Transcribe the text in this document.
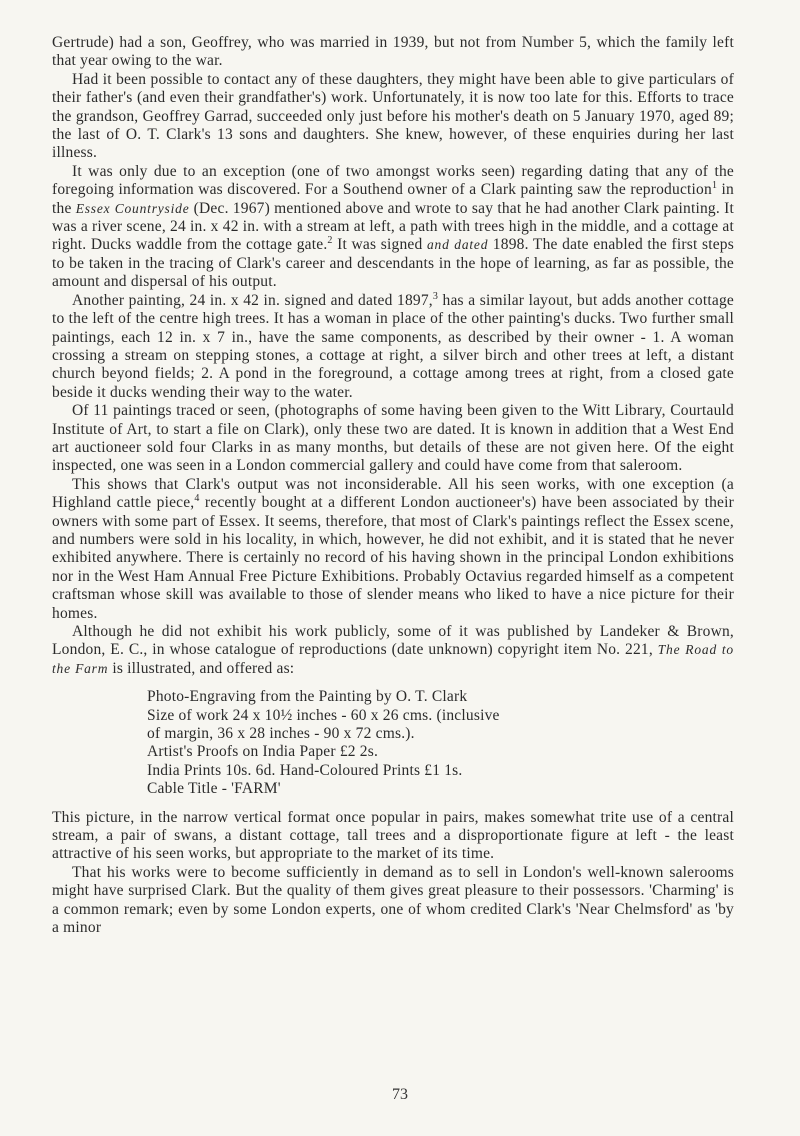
Gertrude) had a son, Geoffrey, who was married in 1939, but not from Number 5, which the family left that year owing to the war.

Had it been possible to contact any of these daughters, they might have been able to give particulars of their father's (and even their grandfather's) work. Unfortunately, it is now too late for this. Efforts to trace the grandson, Geoffrey Garrad, succeeded only just before his mother's death on 5 January 1970, aged 89; the last of O. T. Clark's 13 sons and daughters. She knew, however, of these enquiries during her last illness.

It was only due to an exception (one of two amongst works seen) regarding dating that any of the foregoing information was discovered. For a Southend owner of a Clark painting saw the reproduction$^1$ in the Essex Countryside (Dec. 1967) mentioned above and wrote to say that he had another Clark painting. It was a river scene, 24 in. x 42 in. with a stream at left, a path with trees high in the middle, and a cottage at right. Ducks waddle from the cottage gate.$^2$ It was signed and dated 1898. The date enabled the first steps to be taken in the tracing of Clark's career and descendants in the hope of learning, as far as possible, the amount and dispersal of his output.

Another painting, 24 in. x 42 in. signed and dated 1897,$^3$ has a similar layout, but adds another cottage to the left of the centre high trees. It has a woman in place of the other painting's ducks. Two further small paintings, each 12 in. x 7 in., have the same components, as described by their owner - 1. A woman crossing a stream on stepping stones, a cottage at right, a silver birch and other trees at left, a distant church beyond fields; 2. A pond in the foreground, a cottage among trees at right, from a closed gate beside it ducks wending their way to the water.

Of 11 paintings traced or seen, (photographs of some having been given to the Witt Library, Courtauld Institute of Art, to start a file on Clark), only these two are dated. It is known in addition that a West End art auctioneer sold four Clarks in as many months, but details of these are not given here. Of the eight inspected, one was seen in a London commercial gallery and could have come from that saleroom.

This shows that Clark's output was not inconsiderable. All his seen works, with one exception (a Highland cattle piece,$^4$ recently bought at a different London auctioneer's) have been associated by their owners with some part of Essex. It seems, therefore, that most of Clark's paintings reflect the Essex scene, and numbers were sold in his locality, in which, however, he did not exhibit, and it is stated that he never exhibited anywhere. There is certainly no record of his having shown in the principal London exhibitions nor in the West Ham Annual Free Picture Exhibitions. Probably Octavius regarded himself as a competent craftsman whose skill was available to those of slender means who liked to have a nice picture for their homes.

Although he did not exhibit his work publicly, some of it was published by Landeker & Brown, London, E. C., in whose catalogue of reproductions (date unknown) copyright item No. 221, The Road to the Farm is illustrated, and offered as:

Photo-Engraving from the Painting by O. T. Clark
Size of work 24 x 10½ inches - 60 x 26 cms. (inclusive
of margin, 36 x 28 inches - 90 x 72 cms.).
Artist's Proofs on India Paper £2 2s.
India Prints 10s. 6d. Hand-Coloured Prints £1 1s.
Cable Title - 'FARM'

This picture, in the narrow vertical format once popular in pairs, makes somewhat trite use of a central stream, a pair of swans, a distant cottage, tall trees and a disproportionate figure at left - the least attractive of his seen works, but appropriate to the market of its time.

That his works were to become sufficiently in demand as to sell in London's well-known salerooms might have surprised Clark. But the quality of them gives great pleasure to their possessors. 'Charming' is a common remark; even by some London experts, one of whom credited Clark's 'Near Chelmsford' as 'by a minor

73
